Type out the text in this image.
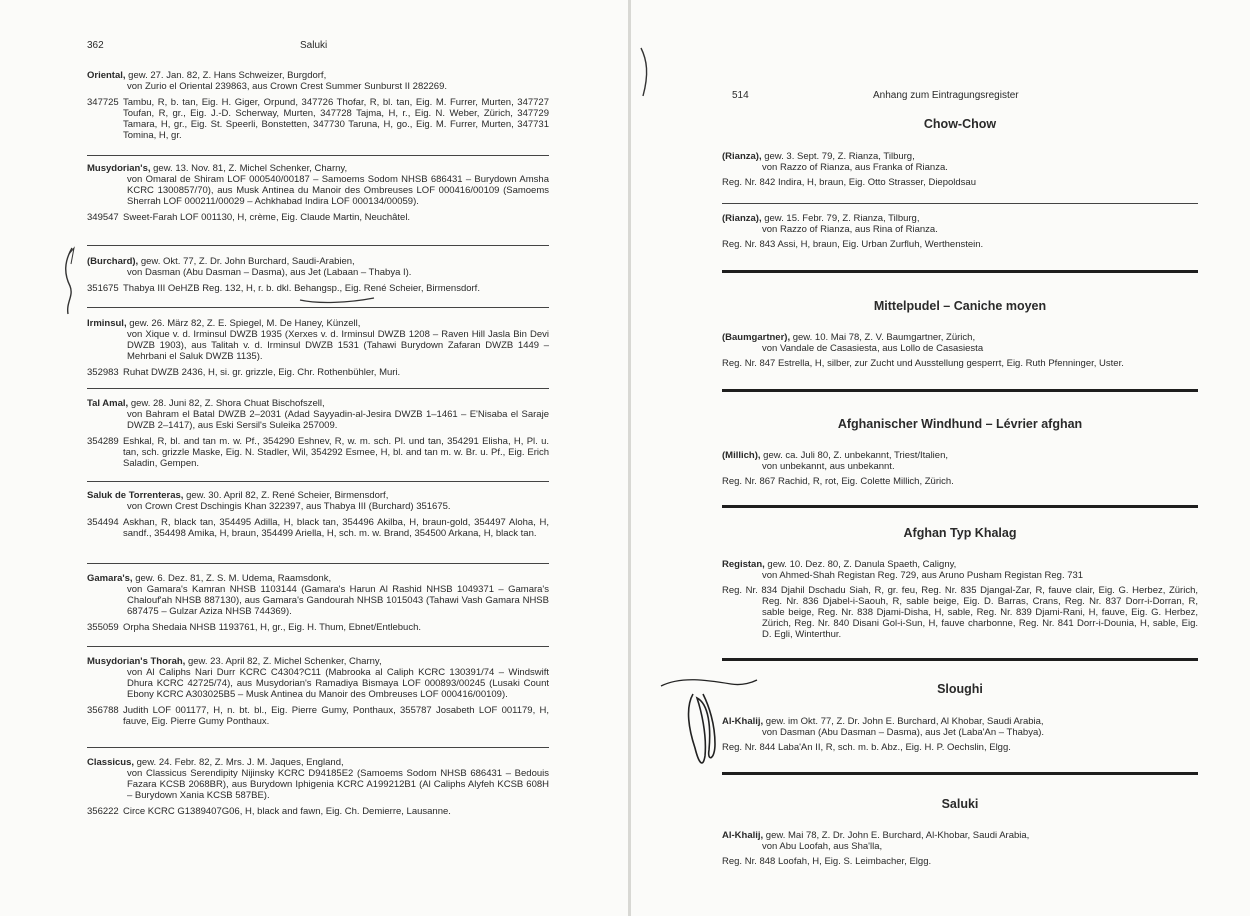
362	Saluki
Oriental, gew. 27. Jan. 82, Z. Hans Schweizer, Burgdorf,
von Zurio el Oriental 239863, aus Crown Crest Summer Sunburst II 282269.
347725 Tambu, R, b. tan, Eig. H. Giger, Orpund, 347726 Thofar, R, bl. tan, Eig. M. Furrer, Murten, 347727 Toufan, R, gr., Eig. J.-D. Scherway, Murten, 347728 Tajma, H, r., Eig. N. Weber, Zürich, 347729 Tamara, H, gr., Eig. St. Speerli, Bonstetten, 347730 Taruna, H, go., Eig. M. Furrer, Murten, 347731 Tomina, H, gr.
Musydorian's, gew. 13. Nov. 81, Z. Michel Schenker, Charny,
von Omaral de Shiram LOF 000540/00187 – Samoems Sodom NHSB 686431 – Burydown Amsha KCRC 1300857/70), aus Musk Antinea du Manoir des Ombreuses LOF 000416/00109 (Samoems Sherrah LOF 000211/00029 – Achkhabad Indira LOF 000134/00059).
349547 Sweet-Farah LOF 001130, H, crème, Eig. Claude Martin, Neuchâtel.
(Burchard), gew. Okt. 77, Z. Dr. John Burchard, Saudi-Arabien,
von Dasman (Abu Dasman – Dasma), aus Jet (Labaan – Thabya I).
351675 Thabya III OeHZB Reg. 132, H, r. b. dkl. Behangsp., Eig. René Scheier, Birmensdorf.
Irminsul, gew. 26. März 82, Z. E. Spiegel, M. De Haney, Künzell,
von Xique v. d. Irminsul DWZB 1935 (Xerxes v. d. Irminsul DWZB 1208 – Raven Hill Jasla Bin Devi DWZB 1903), aus Talitah v. d. Irminsul DWZB 1531 (Tahawi Burydown Zafaran DWZB 1449 – Mehrbani el Saluk DWZB 1135).
352983 Ruhat DWZB 2436, H, si. gr. grizzle, Eig. Chr. Rothenbühler, Muri.
Tal Amal, gew. 28. Juni 82, Z. Shora Chuat Bischofszell,
von Bahram el Batal DWZB 2–2031 (Adad Sayyadin-al-Jesira DWZB 1–1461 – E'Nisaba el Saraje DWZB 2–1417), aus Eski Sersil's Suleika 257009.
354289 Eshkal, R, bl. and tan m. w. Pf., 354290 Eshnev, R, w. m. sch. Pl. und tan, 354291 Elisha, H, Pl. u. tan, sch. grizzle Maske, Eig. N. Stadler, Wil, 354292 Esmee, H, bl. and tan m. w. Br. u. Pf., Eig. Erich Saladin, Gempen.
Saluk de Torrenteras, gew. 30. April 82, Z. René Scheier, Birmensdorf,
von Crown Crest Dschingis Khan 322397, aus Thabya III (Burchard) 351675.
354494 Askhan, R, black tan, 354495 Adilla, H, black tan, 354496 Akilba, H, braun-gold, 354497 Aloha, H, sandf., 354498 Amika, H, braun, 354499 Ariella, H, sch. m. w. Brand, 354500 Arkana, H, black tan.
Gamara's, gew. 6. Dez. 81, Z. S. M. Udema, Raamsdonk,
von Gamara's Kamran NHSB 1103144 (Gamara's Harun Al Rashid NHSB 1049371 – Gamara's Chalouf'ah NHSB 887130), aus Gamara's Gandourah NHSB 1015043 (Tahawi Vash Gamara NHSB 687475 – Gulzar Aziza NHSB 744369).
355059 Orpha Shedaia NHSB 1193761, H, gr., Eig. H. Thum, Ebnet/Entlebuch.
Musydorian's Thorah, gew. 23. April 82, Z. Michel Schenker, Charny,
von Al Caliphs Nari Durr KCRC C4304?C11 (Mabrooka al Caliph KCRC 130391/74 – Windswift Dhura KCRC 42725/74), aus Musydorian's Ramadiya Bismaya LOF 000893/00245 (Lusaki Count Ebony KCRC A303025B5 – Musk Antinea du Manoir des Ombreuses LOF 000416/00109).
356788 Judith LOF 001177, H, n. bt. bl., Eig. Pierre Gumy, Ponthaux, 355787 Josabeth LOF 001179, H, fauve, Eig. Pierre Gumy Ponthaux.
Classicus, gew. 24. Febr. 82, Z. Mrs. J. M. Jaques, England,
von Classicus Serendipity Nijinsky KCRC D94185E2 (Samoems Sodom NHSB 686431 – Bedouis Fazara KCSB 2068BR), aus Burydown Iphigenia KCRC A199212B1 (Al Caliphs Alyfeh KCSB 608H – Burydown Xania KCSB 587BE).
356222 Circe KCRC G1389407G06, H, black and fawn, Eig. Ch. Demierre, Lausanne.
514	Anhang zum Eintragungsregister
Chow-Chow
(Rianza), gew. 3. Sept. 79, Z. Rianza, Tilburg,
von Razzo of Rianza, aus Franka of Rianza.
Reg. Nr. 842 Indira, H, braun, Eig. Otto Strasser, Diepoldsau
(Rianza), gew. 15. Febr. 79, Z. Rianza, Tilburg,
von Razzo of Rianza, aus Rina of Rianza.
Reg. Nr. 843 Assi, H, braun, Eig. Urban Zurfluh, Werthenstein.
Mittelpudel – Caniche moyen
(Baumgartner), gew. 10. Mai 78, Z. V. Baumgartner, Zürich,
von Vandale de Casasiesta, aus Lollo de Casasiesta
Reg. Nr. 847 Estrella, H, silber, zur Zucht und Ausstellung gesperrt, Eig. Ruth Pfenninger, Uster.
Afghanischer Windhund – Lévrier afghan
(Millich), gew. ca. Juli 80, Z. unbekannt, Triest/Italien,
von unbekannt, aus unbekannt.
Reg. Nr. 867 Rachid, R, rot, Eig. Colette Millich, Zürich.
Afghan Typ Khalag
Registan, gew. 10. Dez. 80, Z. Danula Spaeth, Caligny,
von Ahmed-Shah Registan Reg. 729, aus Aruno Pusham Registan Reg. 731
Reg. Nr. 834 Djahil Dschadu Siah, R, gr. feu, Reg. Nr. 835 Djangal-Zar, R, fauve clair, Eig. G. Herbez, Zürich, Reg. Nr. 836 Djabel-i-Saouh, R, sable beige, Eig. D. Barras, Crans, Reg. Nr. 837 Dorr-i-Dorran, R, sable beige, Reg. Nr. 838 Djami-Disha, H, sable, Reg. Nr. 839 Djami-Rani, H, fauve, Eig. G. Herbez, Zürich, Reg. Nr. 840 Disani Gol-i-Sun, H, fauve charbonne, Reg. Nr. 841 Dorr-i-Dounia, H, sable, Eig. D. Egli, Winterthur.
Sloughi
Al-Khalij, gew. im Okt. 77, Z. Dr. John E. Burchard, Al Khobar, Saudi Arabia,
von Dasman (Abu Dasman – Dasma), aus Jet (Laba'An – Thabya).
Reg. Nr. 844 Laba'An II, R, sch. m. b. Abz., Eig. H. P. Oechslin, Elgg.
Saluki
Al-Khalij, gew. Mai 78, Z. Dr. John E. Burchard, Al-Khobar, Saudi Arabia,
von Abu Loofah, aus Sha'lla,
Reg. Nr. 848 Loofah, H, Eig. S. Leimbacher, Elgg.
